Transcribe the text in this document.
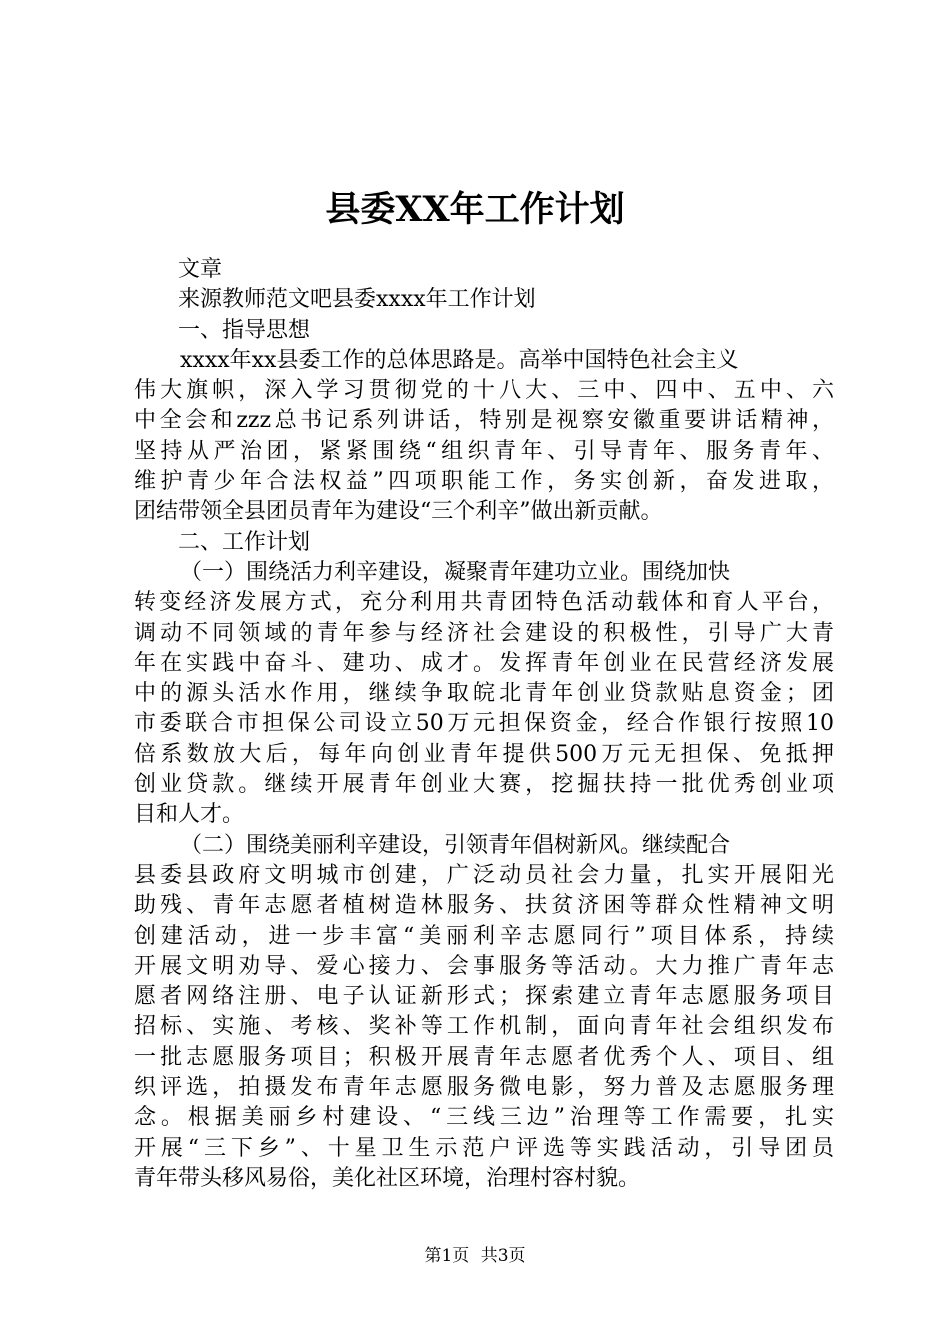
县委XX年工作计划
文章
来源教师范文吧县委xxxx年工作计划
一、指导思想
xxxx年xx县委工作的总体思路是。高举中国特色社会主义
伟大旗帜，深入学习贯彻党的十八大、三中、四中、五中、六
中全会和zzz总书记系列讲话，特别是视察安徽重要讲话精神，
坚持从严治团，紧紧围绕“组织青年、引导青年、服务青年、
维护青少年合法权益”四项职能工作，务实创新，奋发进取，
团结带领全县团员青年为建设“三个利辛”做出新贡献。
二、工作计划
（一）围绕活力利辛建设，凝聚青年建功立业。围绕加快
转变经济发展方式，充分利用共青团特色活动载体和育人平台，
调动不同领域的青年参与经济社会建设的积极性，引导广大青
年在实践中奋斗、建功、成才。发挥青年创业在民营经济发展
中的源头活水作用，继续争取皖北青年创业贷款贴息资金；团
市委联合市担保公司设立50万元担保资金，经合作银行按照10
倍系数放大后，每年向创业青年提供500万元无担保、免抵押
创业贷款。继续开展青年创业大赛，挖掘扶持一批优秀创业项
目和人才。
（二）围绕美丽利辛建设，引领青年倡树新风。继续配合
县委县政府文明城市创建，广泛动员社会力量，扎实开展阳光
助残、青年志愿者植树造林服务、扶贫济困等群众性精神文明
创建活动，进一步丰富“美丽利辛志愿同行”项目体系，持续
开展文明劝导、爱心接力、会事服务等活动。大力推广青年志
愿者网络注册、电子认证新形式；探索建立青年志愿服务项目
招标、实施、考核、奖补等工作机制，面向青年社会组织发布
一批志愿服务项目；积极开展青年志愿者优秀个人、项目、组
织评选，拍摄发布青年志愿服务微电影，努力普及志愿服务理
念。根据美丽乡村建设、“三线三边”治理等工作需要，扎实
开展“三下乡”、十星卫生示范户评选等实践活动，引导团员
青年带头移风易俗，美化社区环境，治理村容村貌。
第1页 共3页
